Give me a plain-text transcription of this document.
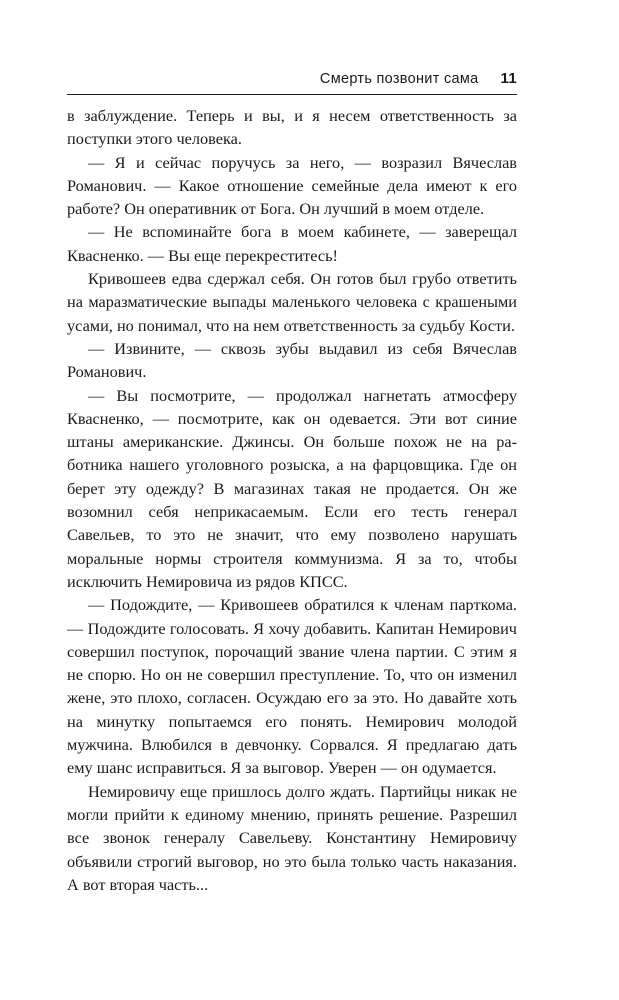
Смерть позвонит сама 11

в заблуждение. Теперь и вы, и я несем ответственность за поступки этого человека.

— Я и сейчас поручусь за него, — возразил Вячеслав Романович. — Какое отношение семейные дела имеют к его работе? Он оперативник от Бога. Он лучший в моем отделе.

— Не вспоминайте бога в моем кабинете, — заверещал Квасненко. — Вы еще перекреститесь!

Кривошеев едва сдержал себя. Он готов был грубо ответить на маразматические выпады маленького человека с крашеными усами, но понимал, что на нем ответственность за судьбу Кости.

— Извините, — сквозь зубы выдавил из себя Вячеслав Романович.

— Вы посмотрите, — продолжал нагнетать атмосферу Квасненко, — посмотрите, как он одевается. Эти вот синие штаны американские. Джинсы. Он больше похож не на работника нашего уголовного розыска, а на фарцовщика. Где он берет эту одежду? В магазинах такая не продается. Он же возомнил себя неприкасаемым. Если его тесть генерал Савельев, то это не значит, что ему позволено нарушать моральные нормы строителя коммунизма. Я за то, чтобы исключить Немировича из рядов КПСС.

— Подождите, — Кривошеев обратился к членам парткома. — Подождите голосовать. Я хочу добавить. Капитан Немирович совершил поступок, порочащий звание члена партии. С этим я не спорю. Но он не совершил преступление. То, что он изменил жене, это плохо, согласен. Осуждаю его за это. Но давайте хоть на минутку попытаемся его понять. Немирович молодой мужчина. Влюбился в девчонку. Сорвался. Я предлагаю дать ему шанс исправиться. Я за выговор. Уверен — он одумается.

Немировичу еще пришлось долго ждать. Партийцы никак не могли прийти к единому мнению, принять решение. Разрешил все звонок генералу Савельеву. Константину Немировичу объявили строгий выговор, но это была только часть наказания. А вот вторая часть...
